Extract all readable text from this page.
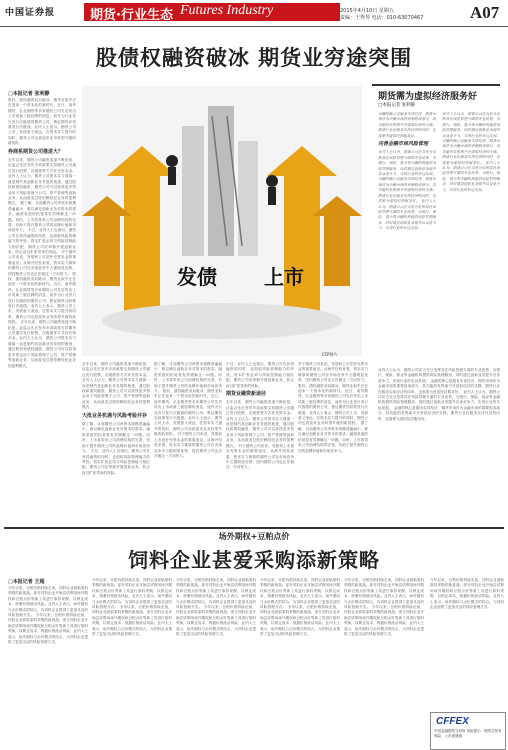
中国证券报	期货·行业生态 Futures Industry	2015年4月10日 星期五
责编：王秀琴 电话：010-63070467	A07
股债权融资破冰 期货业穷途突围
□本报记者 张利静
股权、债权融资双双破冰，期货业似乎正在迎来一个资本化的新时代。近日，南华期货、弘业期货等多家期货公司先后传出上市或新三板挂牌的消息，而作为行业首只发行次级债的期货公司，鲁证期货亦获准发行次级债。业内人士表示，期货公司上市、发债意义深远，在资本实力提升的同时，期货公司也将迎来业务转型升级的新契机。
券商系期货公司推进大？
去年以来，期货公司融资渠道不断拓宽，证监会先后发布多项政策支持期货公司通过发行股票、次级债等方式补充资本金。业内人士认为，期货公司资本实力薄弱一直是制约其创新业务发展的瓶颈，通过股权和债权融资，期货公司可以获得更多资金用于风险管理子公司、资产管理等创新业务，从而改变过度依赖经纪业务的盈利模式。 据了解，目前期货公司净资本规模普遍偏小，难以满足创新业务对资本的需求。融资渠道的拓宽将有效缓解这一问题。同时，上市将带来公司治理结构的完善，有助于提升期货公司的品牌价值和市场竞争力。 不过，业内人士也指出，期货公司在获得融资的同时，也面临风险管理能力的考验。资本扩张必须与风险控制能力相匹配，期货公司应审慎开展创新业务，防止盲目扩张带来的风险。 对于期货公司来说，发债和上市是补充资本金的重要途径。从海外经验来看，资本实力雄厚的期货公司在市场竞争中占据明显优势，国内期货公司也正在朝这一方向努力。 股权、债权融资双双破冰，期货业似乎正在迎来一个资本化的新时代。近日，南华期货、弘业期货等多家期货公司先后传出上市或新三板挂牌的消息，而作为行业首只发行次级债的期货公司，鲁证期货亦获准发行次级债。业内人士表示，期货公司上市、发债意义深远，在资本实力提升的同时，期货公司也将迎来业务转型升级的新契机。 去年以来，期货公司融资渠道不断拓宽，证监会先后发布多项政策支持期货公司通过发行股票、次级债等方式补充资本金。业内人士认为，期货公司资本实力薄弱一直是制约其创新业务发展的瓶颈，通过股权和债权融资，期货公司可以获得更多资金用于风险管理子公司、资产管理等创新业务，从而改变过度依赖经纪业务的盈利模式。
发债 上市
CFP图片
期货需为虚拟经济服务好
□本报记者 张利静
金融的核心是服务实体经济，期货市场作为金融市场的重要组成部分，其功能的发挥离不开虚拟经济的支撑。期货行业在服务实体经济的同时，也需要为虚拟经济服务好。
完善金融市场风险管理
业内人士认为，期货公司应当充分发挥其在风险管理方面的专业优势，为银行、保险、基金等金融机构提供风险管理服务，同时通过创新业务提升自身竞争力，实现行业的长远发展。 金融的核心是服务实体经济，期货市场作为金融市场的重要组成部分，其功能的发挥离不开虚拟经济的支撑。期货行业在服务实体经济的同时，也需要为虚拟经济服务好。 业内人士认为，期货公司应当充分发挥其在风险管理方面的专业优势，为银行、保险、基金等金融机构提供风险管理服务，同时通过创新业务提升自身竞争力，实现行业的长远发展。
业内人士认为，期货公司应当充分发挥其在风险管理方面的专业优势，为银行、保险、基金等金融机构提供风险管理服务，同时通过创新业务提升自身竞争力，实现行业的长远发展。 金融的核心是服务实体经济，期货市场作为金融市场的重要组成部分，其功能的发挥离不开虚拟经济的支撑。期货行业在服务实体经济的同时，也需要为虚拟经济服务好。 业内人士认为，期货公司应当充分发挥其在风险管理方面的专业优势，为银行、保险、基金等金融机构提供风险管理服务，同时通过创新业务提升自身竞争力，实现行业的长远发展。
业内人士认为，期货公司应当充分发挥其在风险管理方面的专业优势，为银行、保险、基金等金融机构提供风险管理服务，同时通过创新业务提升自身竞争力，实现行业的长远发展。 金融的核心是服务实体经济，期货市场作为金融市场的重要组成部分，其功能的发挥离不开虚拟经济的支撑。期货行业在服务实体经济的同时，也需要为虚拟经济服务好。 业内人士认为，期货公司应当充分发挥其在风险管理方面的专业优势，为银行、保险、基金等金融机构提供风险管理服务，同时通过创新业务提升自身竞争力，实现行业的长远发展。 金融的核心是服务实体经济，期货市场作为金融市场的重要组成部分，其功能的发挥离不开虚拟经济的支撑。期货行业在服务实体经济的同时，也需要为虚拟经济服务好。
去年以来，期货公司融资渠道不断拓宽，证监会先后发布多项政策支持期货公司通过发行股票、次级债等方式补充资本金。业内人士认为，期货公司资本实力薄弱一直是制约其创新业务发展的瓶颈，通过股权和债权融资，期货公司可以获得更多资金用于风险管理子公司、资产管理等创新业务，从而改变过度依赖经纪业务的盈利模式。
大批业务机遇与风险考验并存
据了解，目前期货公司净资本规模普遍偏小，难以满足创新业务对资本的需求。融资渠道的拓宽将有效缓解这一问题。同时，上市将带来公司治理结构的完善，有助于提升期货公司的品牌价值和市场竞争力。 不过，业内人士也指出，期货公司在获得融资的同时，也面临风险管理能力的考验。资本扩张必须与风险控制能力相匹配，期货公司应审慎开展创新业务，防止盲目扩张带来的风险。
据了解，目前期货公司净资本规模普遍偏小，难以满足创新业务对资本的需求。融资渠道的拓宽将有效缓解这一问题。同时，上市将带来公司治理结构的完善，有助于提升期货公司的品牌价值和市场竞争力。 股权、债权融资双双破冰，期货业似乎正在迎来一个资本化的新时代。近日，南华期货、弘业期货等多家期货公司先后传出上市或新三板挂牌的消息，而作为行业首只发行次级债的期货公司，鲁证期货亦获准发行次级债。业内人士表示，期货公司上市、发债意义深远，在资本实力提升的同时，期货公司也将迎来业务转型升级的新契机。 对于期货公司来说，发债和上市是补充资本金的重要途径。从海外经验来看，资本实力雄厚的期货公司在市场竞争中占据明显优势，国内期货公司也正在朝这一方向努力。
不过，业内人士也指出，期货公司在获得融资的同时，也面临风险管理能力的考验。资本扩张必须与风险控制能力相匹配，期货公司应审慎开展创新业务，防止盲目扩张带来的风险。
期货业融资新途径
去年以来，期货公司融资渠道不断拓宽，证监会先后发布多项政策支持期货公司通过发行股票、次级债等方式补充资本金。业内人士认为，期货公司资本实力薄弱一直是制约其创新业务发展的瓶颈，通过股权和债权融资，期货公司可以获得更多资金用于风险管理子公司、资产管理等创新业务，从而改变过度依赖经纪业务的盈利模式。 对于期货公司来说，发债和上市是补充资本金的重要途径。从海外经验来看，资本实力雄厚的期货公司在市场竞争中占据明显优势，国内期货公司也正在朝这一方向努力。
对于期货公司来说，发债和上市是补充资本金的重要途径。从海外经验来看，资本实力雄厚的期货公司在市场竞争中占据明显优势，国内期货公司也正在朝这一方向努力。 股权、债权融资双双破冰，期货业似乎正在迎来一个资本化的新时代。近日，南华期货、弘业期货等多家期货公司先后传出上市或新三板挂牌的消息，而作为行业首只发行次级债的期货公司，鲁证期货亦获准发行次级债。业内人士表示，期货公司上市、发债意义深远，在资本实力提升的同时，期货公司也将迎来业务转型升级的新契机。 据了解，目前期货公司净资本规模普遍偏小，难以满足创新业务对资本的需求。融资渠道的拓宽将有效缓解这一问题。同时，上市将带来公司治理结构的完善，有助于提升期货公司的品牌价值和市场竞争力。
场外期权+豆粕点价
饲料企业甚爱采购添新策略
□本报记者 王超
今年以来，豆粕价格持续走低，饲料企业面临原料采购的新挑战。部分饲料企业开始尝试利用场外期权和豆粕点价等新工具进行原料采购，以锁定成本、规避价格波动风险。业内人士表示，场外期权与点价模式的结合，为饲料企业提供了更加灵活的风险管理方式。 今年以来，豆粕价格持续走低，饲料企业面临原料采购的新挑战。部分饲料企业开始尝试利用场外期权和豆粕点价等新工具进行原料采购，以锁定成本、规避价格波动风险。业内人士表示，场外期权与点价模式的结合，为饲料企业提供了更加灵活的风险管理方式。
今年以来，豆粕价格持续走低，饲料企业面临原料采购的新挑战。部分饲料企业开始尝试利用场外期权和豆粕点价等新工具进行原料采购，以锁定成本、规避价格波动风险。业内人士表示，场外期权与点价模式的结合，为饲料企业提供了更加灵活的风险管理方式。 今年以来，豆粕价格持续走低，饲料企业面临原料采购的新挑战。部分饲料企业开始尝试利用场外期权和豆粕点价等新工具进行原料采购，以锁定成本、规避价格波动风险。业内人士表示，场外期权与点价模式的结合，为饲料企业提供了更加灵活的风险管理方式。
今年以来，豆粕价格持续走低，饲料企业面临原料采购的新挑战。部分饲料企业开始尝试利用场外期权和豆粕点价等新工具进行原料采购，以锁定成本、规避价格波动风险。业内人士表示，场外期权与点价模式的结合，为饲料企业提供了更加灵活的风险管理方式。 今年以来，豆粕价格持续走低，饲料企业面临原料采购的新挑战。部分饲料企业开始尝试利用场外期权和豆粕点价等新工具进行原料采购，以锁定成本、规避价格波动风险。业内人士表示，场外期权与点价模式的结合，为饲料企业提供了更加灵活的风险管理方式。
今年以来，豆粕价格持续走低，饲料企业面临原料采购的新挑战。部分饲料企业开始尝试利用场外期权和豆粕点价等新工具进行原料采购，以锁定成本、规避价格波动风险。业内人士表示，场外期权与点价模式的结合，为饲料企业提供了更加灵活的风险管理方式。 今年以来，豆粕价格持续走低，饲料企业面临原料采购的新挑战。部分饲料企业开始尝试利用场外期权和豆粕点价等新工具进行原料采购，以锁定成本、规避价格波动风险。业内人士表示，场外期权与点价模式的结合，为饲料企业提供了更加灵活的风险管理方式。
今年以来，豆粕价格持续走低，饲料企业面临原料采购的新挑战。部分饲料企业开始尝试利用场外期权和豆粕点价等新工具进行原料采购，以锁定成本、规避价格波动风险。业内人士表示，场外期权与点价模式的结合，为饲料企业提供了更加灵活的风险管理方式。 今年以来，豆粕价格持续走低，饲料企业面临原料采购的新挑战。部分饲料企业开始尝试利用场外期权和豆粕点价等新工具进行原料采购，以锁定成本、规避价格波动风险。业内人士表示，场外期权与点价模式的结合，为饲料企业提供了更加灵活的风险管理方式。
今年以来，豆粕价格持续走低，饲料企业面临原料采购的新挑战。部分饲料企业开始尝试利用场外期权和豆粕点价等新工具进行原料采购，以锁定成本、规避价格波动风险。业内人士表示，场外期权与点价模式的结合，为饲料企业提供了更加灵活的风险管理方式。
CFFEX
中国金融期货交易所 风险提示：期货交易有风险，入市需谨慎
